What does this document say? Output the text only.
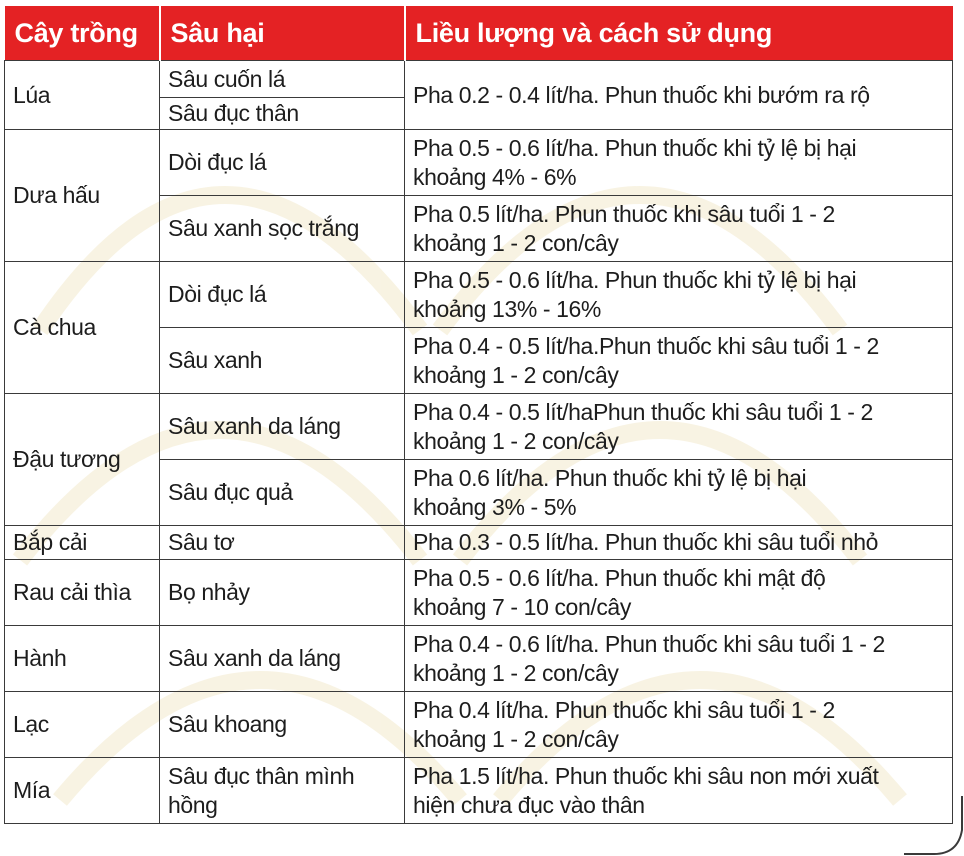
Cây trồng	Sâu hại	Liều lượng và cách sử dụng
Lúa	Sâu cuốn lá	Pha 0.2 - 0.4 lít/ha. Phun thuốc khi bướm ra rộ
	Sâu đục thân	
Dưa hấu	Dòi đục lá	Pha 0.5 - 0.6 lít/ha. Phun thuốc khi tỷ lệ bị hại
khoảng 4% - 6%
	Sâu xanh sọc trắng	Pha 0.5 lít/ha. Phun thuốc khi sâu tuổi 1 - 2
khoảng 1 - 2 con/cây
Cà chua	Dòi đục lá	Pha 0.5 - 0.6 lít/ha. Phun thuốc khi tỷ lệ bị hại
khoảng 13% - 16%
	Sâu xanh	Pha 0.4 - 0.5 lít/ha.Phun thuốc khi sâu tuổi 1 - 2
khoảng 1 - 2 con/cây
Đậu tương	Sâu xanh da láng	Pha 0.4 - 0.5 lít/haPhun thuốc khi sâu tuổi 1 - 2
khoảng 1 - 2 con/cây
	Sâu đục quả	Pha 0.6 lít/ha. Phun thuốc khi tỷ lệ bị hại
khoảng 3% - 5%
Bắp cải	Sâu tơ	Pha 0.3 - 0.5 lít/ha. Phun thuốc khi sâu tuổi nhỏ
Rau cải thìa	Bọ nhảy	Pha 0.5 - 0.6 lít/ha. Phun thuốc khi mật độ
khoảng 7 - 10 con/cây
Hành	Sâu xanh da láng	Pha 0.4 - 0.6 lít/ha. Phun thuốc khi sâu tuổi 1 - 2
khoảng 1 - 2 con/cây
Lạc	Sâu khoang	Pha 0.4 lít/ha. Phun thuốc khi sâu tuổi 1 - 2
khoảng 1 - 2 con/cây
Mía	Sâu đục thân mình hồng	Pha 1.5 lít/ha. Phun thuốc khi sâu non mới xuất
hiện chưa đục vào thân
